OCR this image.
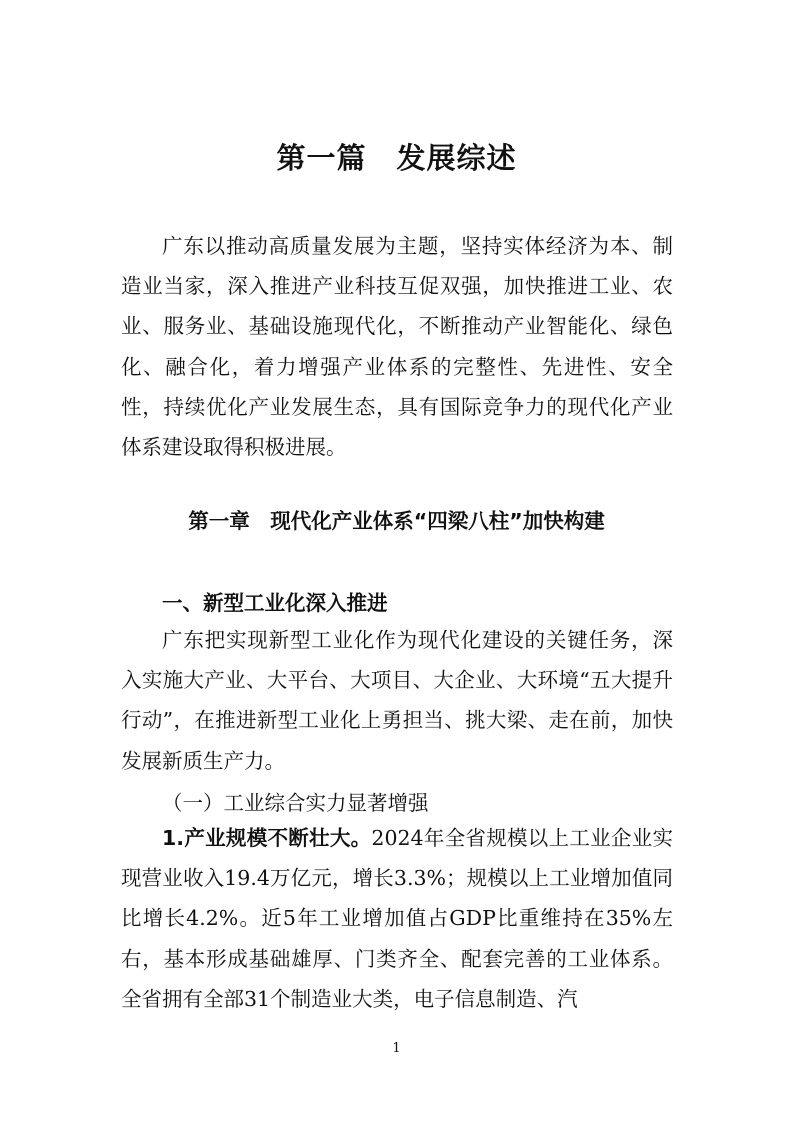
第一篇　发展综述

广东以推动高质量发展为主题，坚持实体经济为本、制造业当家，深入推进产业科技互促双强，加快推进工业、农业、服务业、基础设施现代化，不断推动产业智能化、绿色化、融合化，着力增强产业体系的完整性、先进性、安全性，持续优化产业发展生态，具有国际竞争力的现代化产业体系建设取得积极进展。

第一章　现代化产业体系“四梁八柱”加快构建
一、新型工业化深入推进

广东把实现新型工业化作为现代化建设的关键任务，深入实施大产业、大平台、大项目、大企业、大环境“五大提升行动”，在推进新型工业化上勇担当、挑大梁、走在前，加快发展新质生产力。

（一）工业综合实力显著增强

1.产业规模不断壮大。2024年全省规模以上工业企业实现营业收入19.4万亿元，增长3.3%；规模以上工业增加值同比增长4.2%。近5年工业增加值占GDP比重维持在35%左右，基本形成基础雄厚、门类齐全、配套完善的工业体系。全省拥有全部31个制造业大类，电子信息制造、汽

1
